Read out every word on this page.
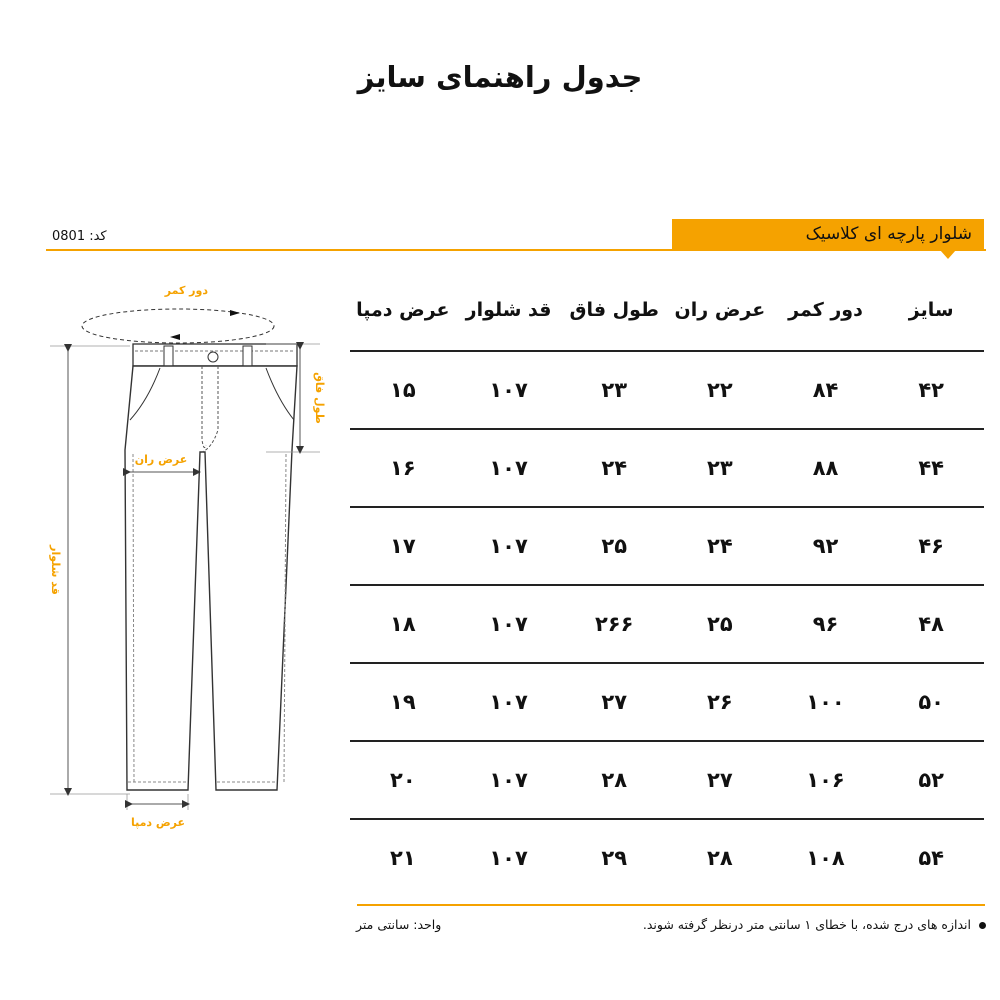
جدول راهنمای سایز
کد: 0801	شلوار پارچه ای کلاسیک
دور کمر
طول فاق
عرض ران
قد شلوار
عرض دمپا
سایز	دور کمر	عرض ران	طول فاق	قد شلوار	عرض دمپا
۴۲	۸۴	۲۲	۲۳	۱۰۷	۱۵
۴۴	۸۸	۲۳	۲۴	۱۰۷	۱۶
۴۶	۹۲	۲۴	۲۵	۱۰۷	۱۷
۴۸	۹۶	۲۵	۲۶۶	۱۰۷	۱۸
۵۰	۱۰۰	۲۶	۲۷	۱۰۷	۱۹
۵۲	۱۰۶	۲۷	۲۸	۱۰۷	۲۰
۵۴	۱۰۸	۲۸	۲۹	۱۰۷	۲۱
اندازه های درج شده، با خطای ۱ سانتی متر درنظر گرفته شوند.
واحد: سانتی متر
